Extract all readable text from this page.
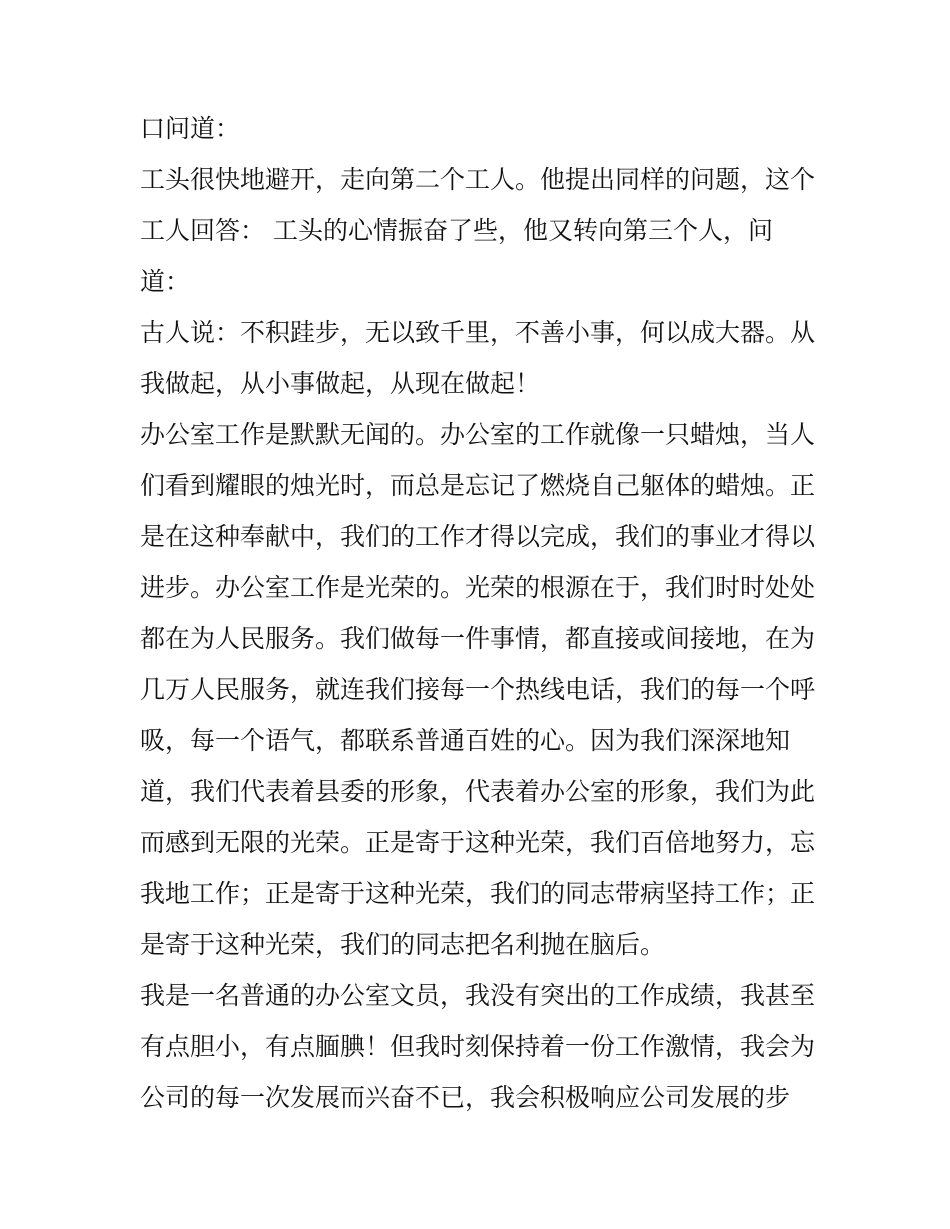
口问道：
工头很快地避开，走向第二个工人。他提出同样的问题，这个
工人回答： 工头的心情振奋了些，他又转向第三个人，问
道：
古人说：不积跬步，无以致千里，不善小事，何以成大器。从
我做起，从小事做起，从现在做起！
办公室工作是默默无闻的。办公室的工作就像一只蜡烛，当人
们看到耀眼的烛光时，而总是忘记了燃烧自己躯体的蜡烛。正
是在这种奉献中，我们的工作才得以完成，我们的事业才得以
进步。办公室工作是光荣的。光荣的根源在于，我们时时处处
都在为人民服务。我们做每一件事情，都直接或间接地，在为
几万人民服务，就连我们接每一个热线电话，我们的每一个呼
吸，每一个语气，都联系普通百姓的心。因为我们深深地知
道，我们代表着县委的形象，代表着办公室的形象，我们为此
而感到无限的光荣。正是寄于这种光荣，我们百倍地努力，忘
我地工作；正是寄于这种光荣，我们的同志带病坚持工作；正
是寄于这种光荣，我们的同志把名利抛在脑后。
我是一名普通的办公室文员，我没有突出的工作成绩，我甚至
有点胆小，有点腼腆！但我时刻保持着一份工作激情，我会为
公司的每一次发展而兴奋不已，我会积极响应公司发展的步
